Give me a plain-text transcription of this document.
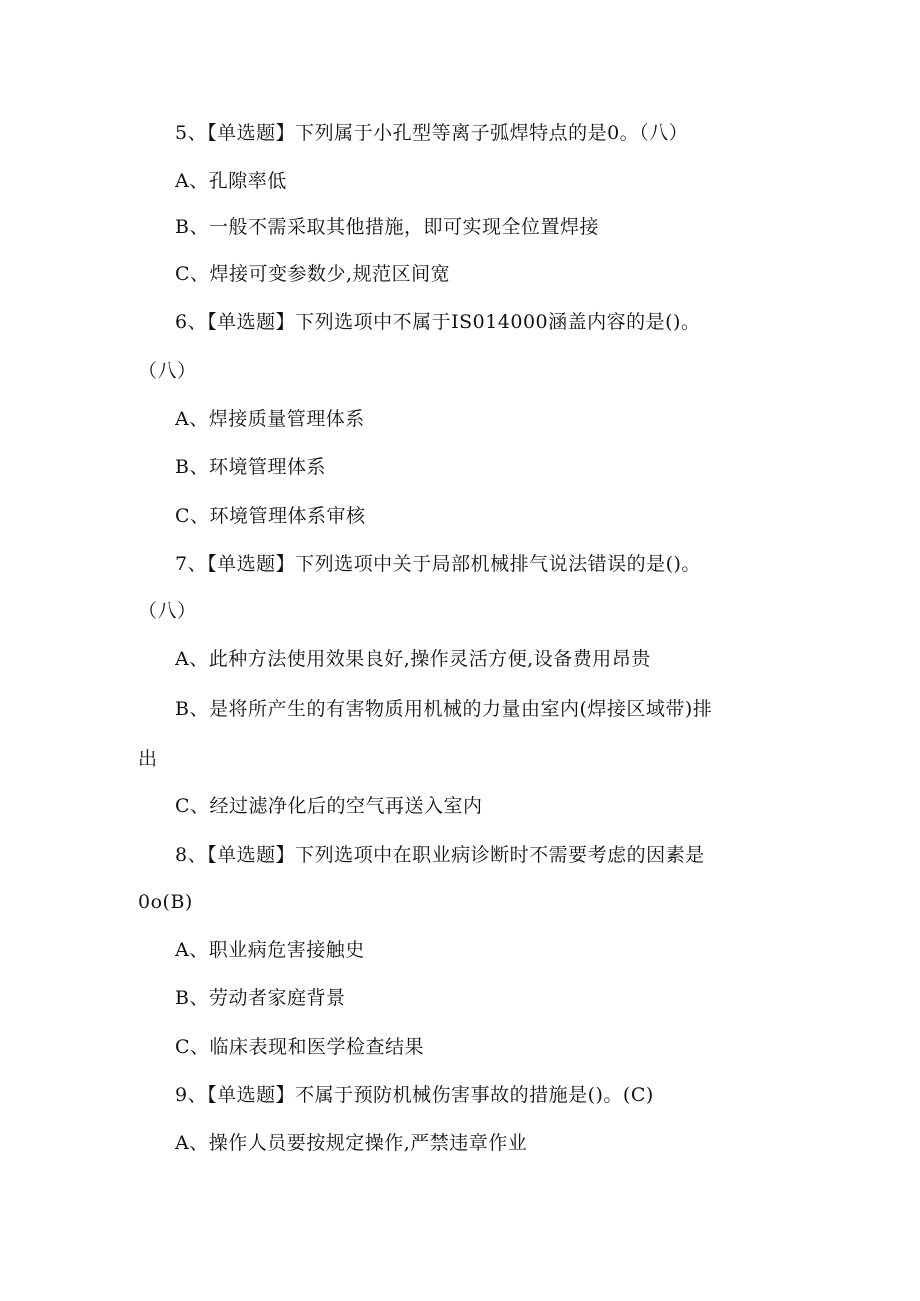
5、【单选题】下列属于小孔型等离子弧焊特点的是0。（八）
A、孔隙率低
B、一般不需采取其他措施，即可实现全位置焊接
C、焊接可变参数少,规范区间宽
6、【单选题】下列选项中不属于IS014000涵盖内容的是()。
（八）
A、焊接质量管理体系
B、环境管理体系
C、环境管理体系审核
7、【单选题】下列选项中关于局部机械排气说法错误的是()。
（八）
A、此种方法使用效果良好,操作灵活方便,设备费用昂贵
B、是将所产生的有害物质用机械的力量由室内(焊接区域带)排
出
C、经过滤净化后的空气再送入室内
8、【单选题】下列选项中在职业病诊断时不需要考虑的因素是
0o(B)
A、职业病危害接触史
B、劳动者家庭背景
C、临床表现和医学检查结果
9、【单选题】不属于预防机械伤害事故的措施是()。(C)
A、操作人员要按规定操作,严禁违章作业
